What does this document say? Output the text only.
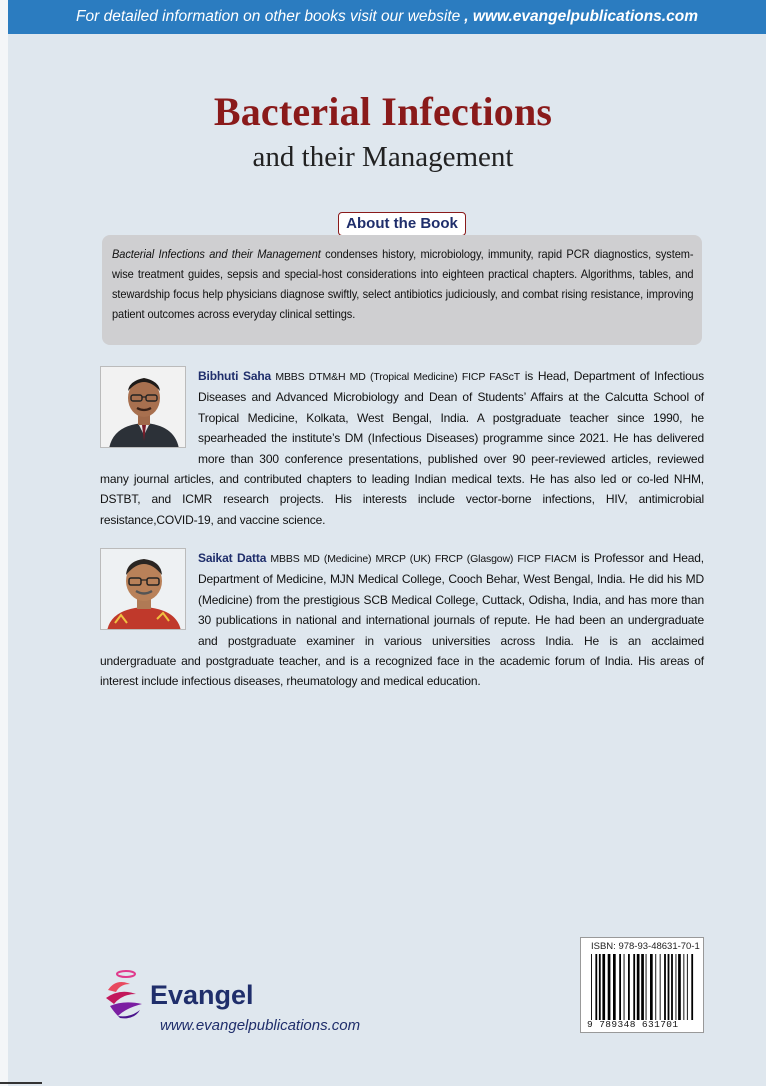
For detailed information on other books visit our website , www.evangelpublications.com
Bacterial Infections
and their Management
About the Book

Bacterial Infections and their Management condenses history, microbiology, immunity, rapid PCR diagnostics, system-wise treatment guides, sepsis and special-host considerations into eighteen practical chapters. Algorithms, tables, and stewardship focus help physicians diagnose swiftly, select antibiotics judiciously, and combat rising resistance, improving patient outcomes across everyday clinical settings.

Bibhuti Saha MBBS DTM&H MD (Tropical Medicine) FICP FAScT is Head, Department of Infectious Diseases and Advanced Microbiology and Dean of Students’ Affairs at the Calcutta School of Tropical Medicine, Kolkata, West Bengal, India. A postgraduate teacher since 1990, he spearheaded the institute’s DM (Infectious Diseases) programme since 2021. He has delivered more than 300 conference presentations, published over 90 peer-reviewed articles, reviewed many journal articles, and contributed chapters to leading Indian medical texts. He has also led or co-led NHM, DSTBT, and ICMR research projects. His interests include vector-borne infections, HIV, antimicrobial resistance,COVID-19, and vaccine science.

Saikat Datta MBBS MD (Medicine) MRCP (UK) FRCP (Glasgow) FICP FIACM is Professor and Head, Department of Medicine, MJN Medical College, Cooch Behar, West Bengal, India. He did his MD (Medicine) from the prestigious SCB Medical College, Cuttack, Odisha, India, and has more than 30 publications in national and international journals of repute. He had been an undergraduate and postgraduate examiner in various universities across India. He is an acclaimed undergraduate and postgraduate teacher, and is a recognized face in the academic forum of India. His areas of interest include infectious diseases, rheumatology and medical education.

ISBN: 978-93-48631-70-1
9 789348 631701
Evangel
www.evangelpublications.com
